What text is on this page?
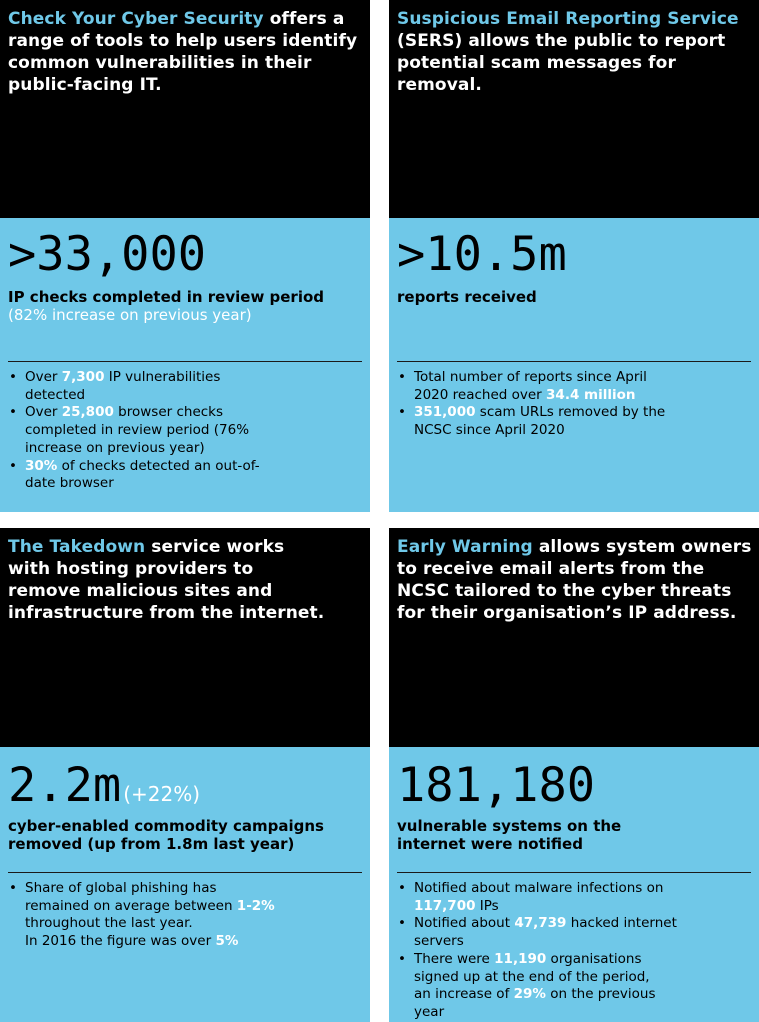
Check Your Cyber Security offers a range of tools to help users identify common vulnerabilities in their public-facing IT.

>33,000

IP checks completed in review period
(82% increase on previous year)

• Over 7,300 IP vulnerabilities detected
• Over 25,800 browser checks completed in review period (76% increase on previous year)
• 30% of checks detected an out-of-date browser

Suspicious Email Reporting Service (SERS) allows the public to report potential scam messages for removal.

>10.5m

reports received

• Total number of reports since April 2020 reached over 34.4 million
• 351,000 scam URLs removed by the NCSC since April 2020

The Takedown service works with hosting providers to remove malicious sites and infrastructure from the internet.

2.2m (+22%)

cyber-enabled commodity campaigns removed (up from 1.8m last year)

• Share of global phishing has remained on average between 1-2% throughout the last year.
In 2016 the figure was over 5%

Early Warning allows system owners to receive email alerts from the NCSC tailored to the cyber threats for their organisation’s IP address.

181,180

vulnerable systems on the internet were notified

• Notified about malware infections on 117,700 IPs
• Notified about 47,739 hacked internet servers
• There were 11,190 organisations signed up at the end of the period, an increase of 29% on the previous year
